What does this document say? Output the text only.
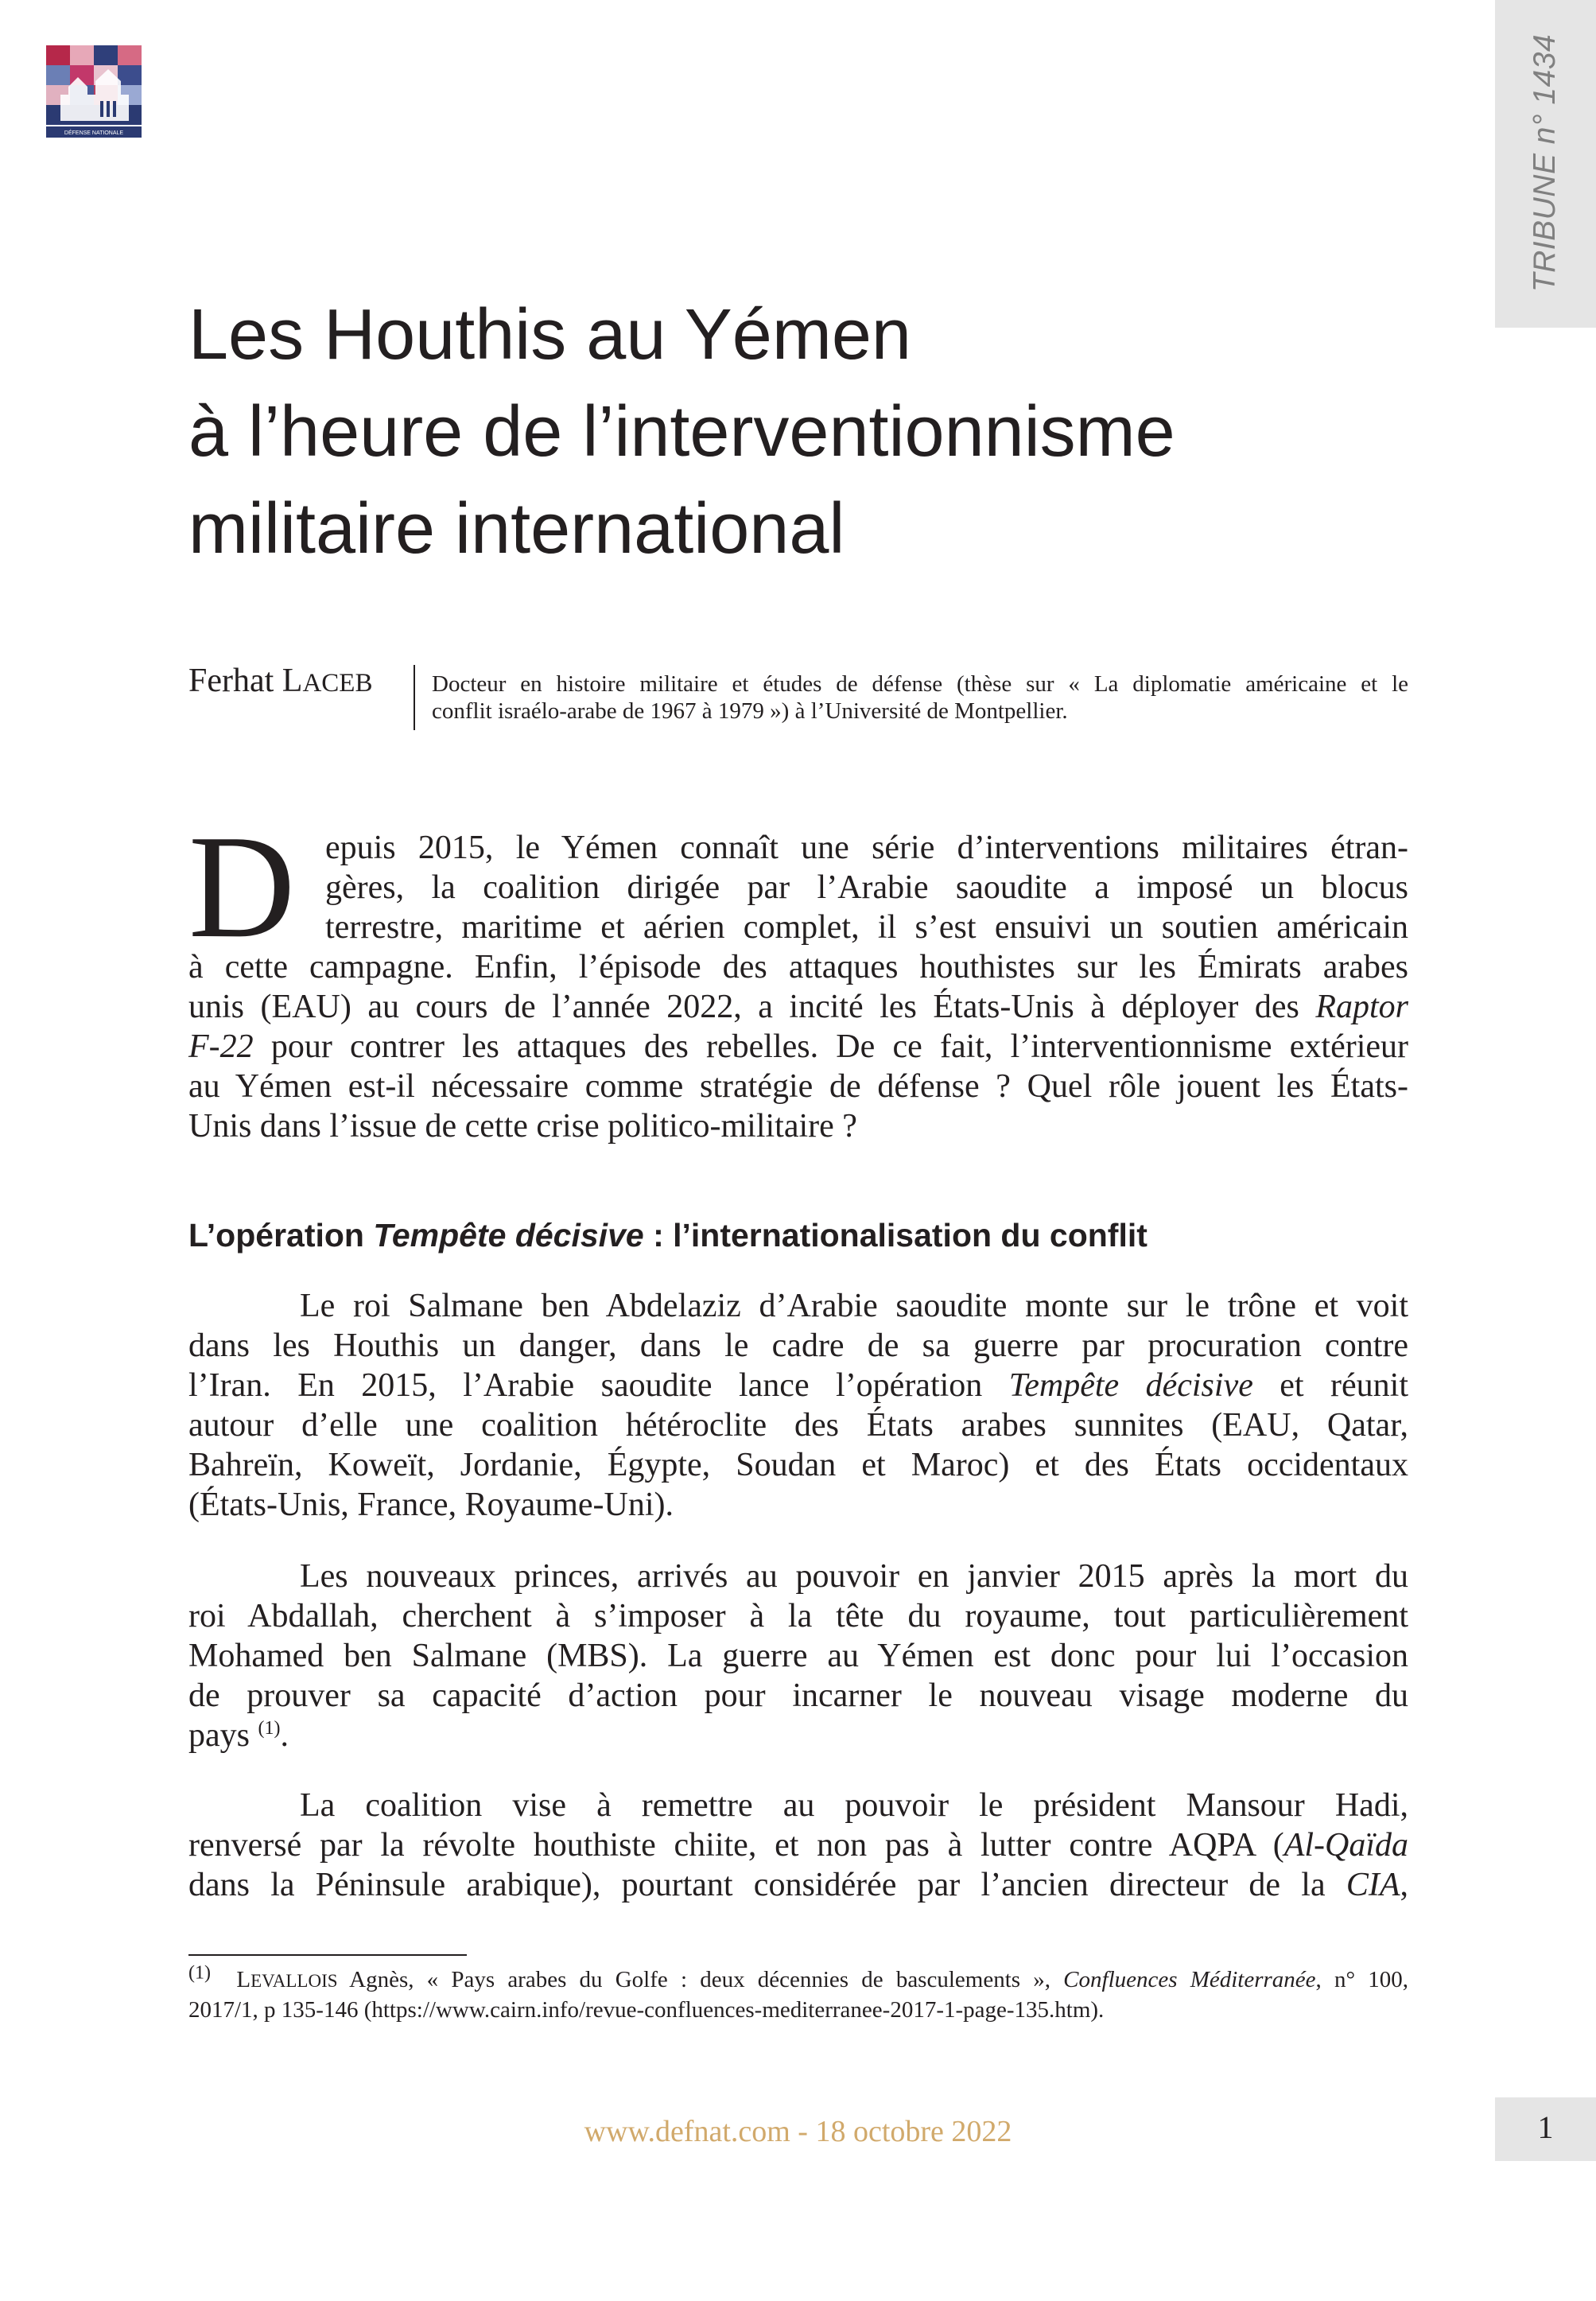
DÉFENSE NATIONALE	TRIBUNE n° 1434
Les Houthis au Yémen
à l’heure de l’interventionnisme
militaire international
Ferhat LACEB	Docteur en histoire militaire et études de défense (thèse sur « La diplomatie américaine et le
conflit israélo-arabe de 1967 à 1979 ») à l’Université de Montpellier.
D epuis 2015, le Yémen connaît une série d’interventions militaires étran-
gères, la coalition dirigée par l’Arabie saoudite a imposé un blocus
terrestre, maritime et aérien complet, il s’est ensuivi un soutien américain
à cette campagne. Enfin, l’épisode des attaques houthistes sur les Émirats arabes
unis (EAU) au cours de l’année 2022, a incité les États-Unis à déployer des Raptor
F-22 pour contrer les attaques des rebelles. De ce fait, l’interventionnisme extérieur
au Yémen est-il nécessaire comme stratégie de défense ? Quel rôle jouent les États-
Unis dans l’issue de cette crise politico-militaire ?
L’opération Tempête décisive : l’internationalisation du conflit
Le roi Salmane ben Abdelaziz d’Arabie saoudite monte sur le trône et voit
dans les Houthis un danger, dans le cadre de sa guerre par procuration contre
l’Iran. En 2015, l’Arabie saoudite lance l’opération Tempête décisive et réunit
autour d’elle une coalition hétéroclite des États arabes sunnites (EAU, Qatar,
Bahreïn, Koweït, Jordanie, Égypte, Soudan et Maroc) et des États occidentaux
(États-Unis, France, Royaume-Uni).
Les nouveaux princes, arrivés au pouvoir en janvier 2015 après la mort du
roi Abdallah, cherchent à s’imposer à la tête du royaume, tout particulièrement
Mohamed ben Salmane (MBS). La guerre au Yémen est donc pour lui l’occasion
de prouver sa capacité d’action pour incarner le nouveau visage moderne du
pays $^{(1)}$.
La coalition vise à remettre au pouvoir le président Mansour Hadi,
renversé par la révolte houthiste chiite, et non pas à lutter contre AQPA (Al-Qaïda
dans la Péninsule arabique), pourtant considérée par l’ancien directeur de la CIA,
$^{(1)}$ LEVALLOIS Agnès, « Pays arabes du Golfe : deux décennies de basculements », Confluences Méditerranée, n° 100,
2017/1, p 135-146 (https://www.cairn.info/revue-confluences-mediterranee-2017-1-page-135.htm).
www.defnat.com - 18 octobre 2022	1
